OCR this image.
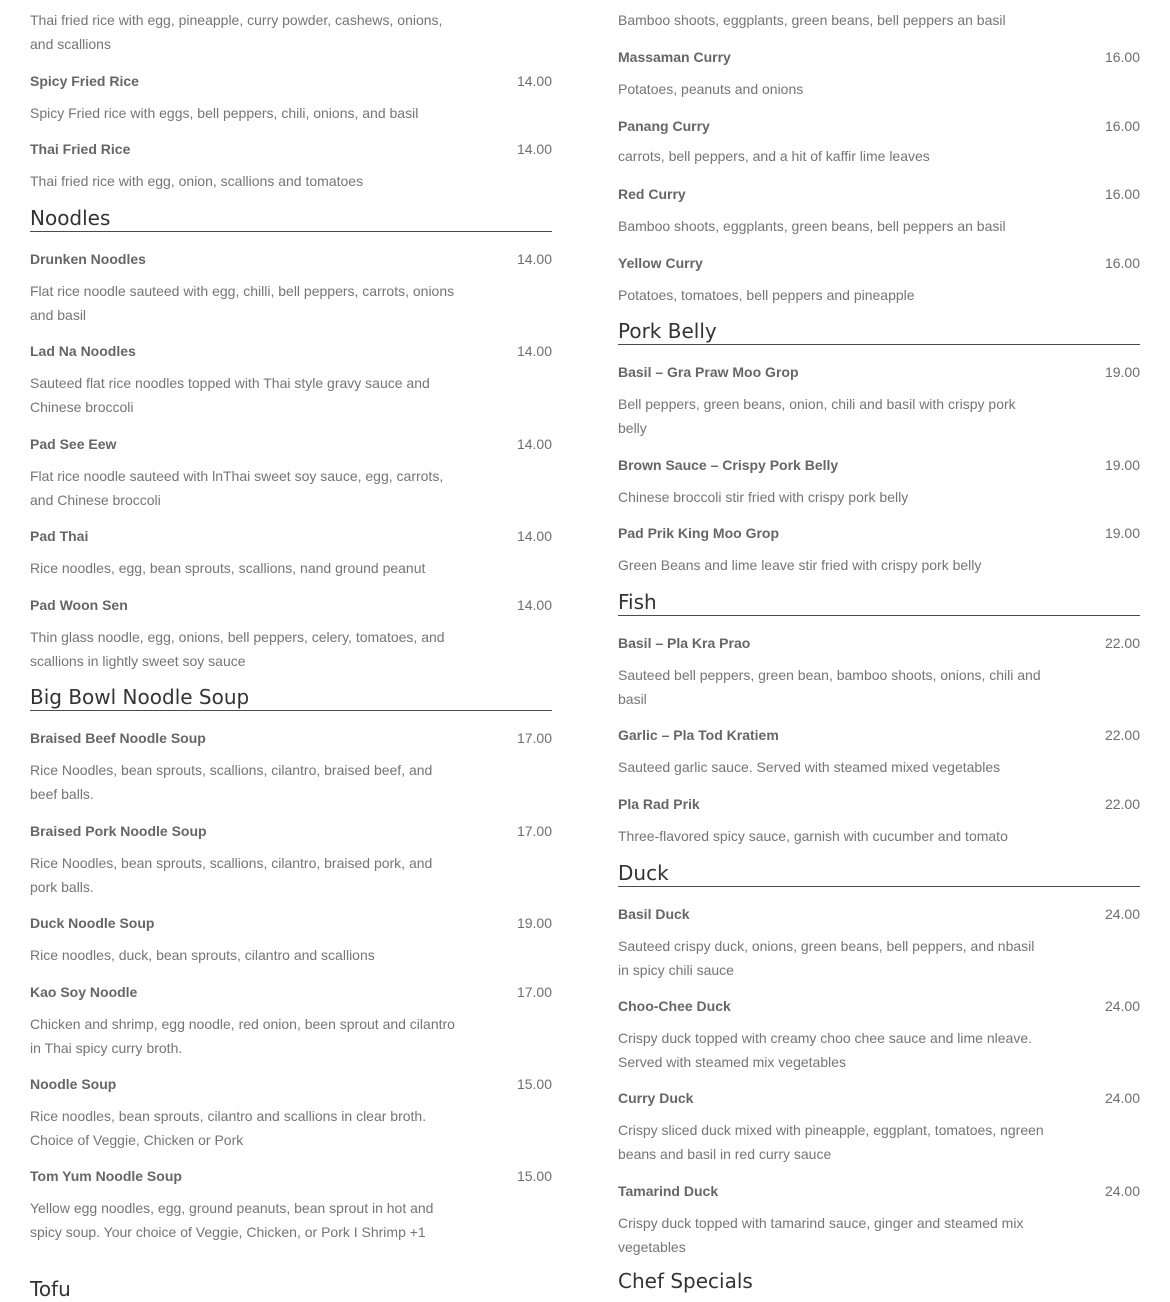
Thai fried rice with egg, pineapple, curry powder, cashews, onions, and scallions
Spicy Fried Rice	14.00
Spicy Fried rice with eggs, bell peppers, chili, onions, and basil
Thai Fried Rice	14.00
Thai fried rice with egg, onion, scallions and tomatoes
Noodles
Drunken Noodles	14.00
Flat rice noodle sauteed with egg, chilli, bell peppers, carrots, onions and basil
Lad Na Noodles	14.00
Sauteed flat rice noodles topped with Thai style gravy sauce and Chinese broccoli
Pad See Eew	14.00
Flat rice noodle sauteed with lnThai sweet soy sauce, egg, carrots, and Chinese broccoli
Pad Thai	14.00
Rice noodles, egg, bean sprouts, scallions, nand ground peanut
Pad Woon Sen	14.00
Thin glass noodle, egg, onions, bell peppers, celery, tomatoes, and scallions in lightly sweet soy sauce
Big Bowl Noodle Soup
Braised Beef Noodle Soup	17.00
Rice Noodles, bean sprouts, scallions, cilantro, braised beef, and beef balls.
Braised Pork Noodle Soup	17.00
Rice Noodles, bean sprouts, scallions, cilantro, braised pork, and pork balls.
Duck Noodle Soup	19.00
Rice noodles, duck, bean sprouts, cilantro and scallions
Kao Soy Noodle	17.00
Chicken and shrimp, egg noodle, red onion, been sprout and cilantro in Thai spicy curry broth.
Noodle Soup	15.00
Rice noodles, bean sprouts, cilantro and scallions in clear broth. Choice of Veggie, Chicken or Pork
Tom Yum Noodle Soup	15.00
Yellow egg noodles, egg, ground peanuts, bean sprout in hot and spicy soup. Your choice of Veggie, Chicken, or Pork I Shrimp +1
Tofu
Bamboo shoots, eggplants, green beans, bell peppers an basil
Massaman Curry	16.00
Potatoes, peanuts and onions
Panang Curry	16.00
carrots, bell peppers, and a hit of kaffir lime leaves
Red Curry	16.00
Bamboo shoots, eggplants, green beans, bell peppers an basil
Yellow Curry	16.00
Potatoes, tomatoes, bell peppers and pineapple
Pork Belly
Basil – Gra Praw Moo Grop	19.00
Bell peppers, green beans, onion, chili and basil with crispy pork belly
Brown Sauce – Crispy Pork Belly	19.00
Chinese broccoli stir fried with crispy pork belly
Pad Prik King Moo Grop	19.00
Green Beans and lime leave stir fried with crispy pork belly
Fish
Basil – Pla Kra Prao	22.00
Sauteed bell peppers, green bean, bamboo shoots, onions, chili and basil
Garlic – Pla Tod Kratiem	22.00
Sauteed garlic sauce. Served with steamed mixed vegetables
Pla Rad Prik	22.00
Three-flavored spicy sauce, garnish with cucumber and tomato
Duck
Basil Duck	24.00
Sauteed crispy duck, onions, green beans, bell peppers, and nbasil in spicy chili sauce
Choo-Chee Duck	24.00
Crispy duck topped with creamy choo chee sauce and lime nleave. Served with steamed mix vegetables
Curry Duck	24.00
Crispy sliced duck mixed with pineapple, eggplant, tomatoes, ngreen beans and basil in red curry sauce
Tamarind Duck	24.00
Crispy duck topped with tamarind sauce, ginger and steamed mix vegetables
Chef Specials
